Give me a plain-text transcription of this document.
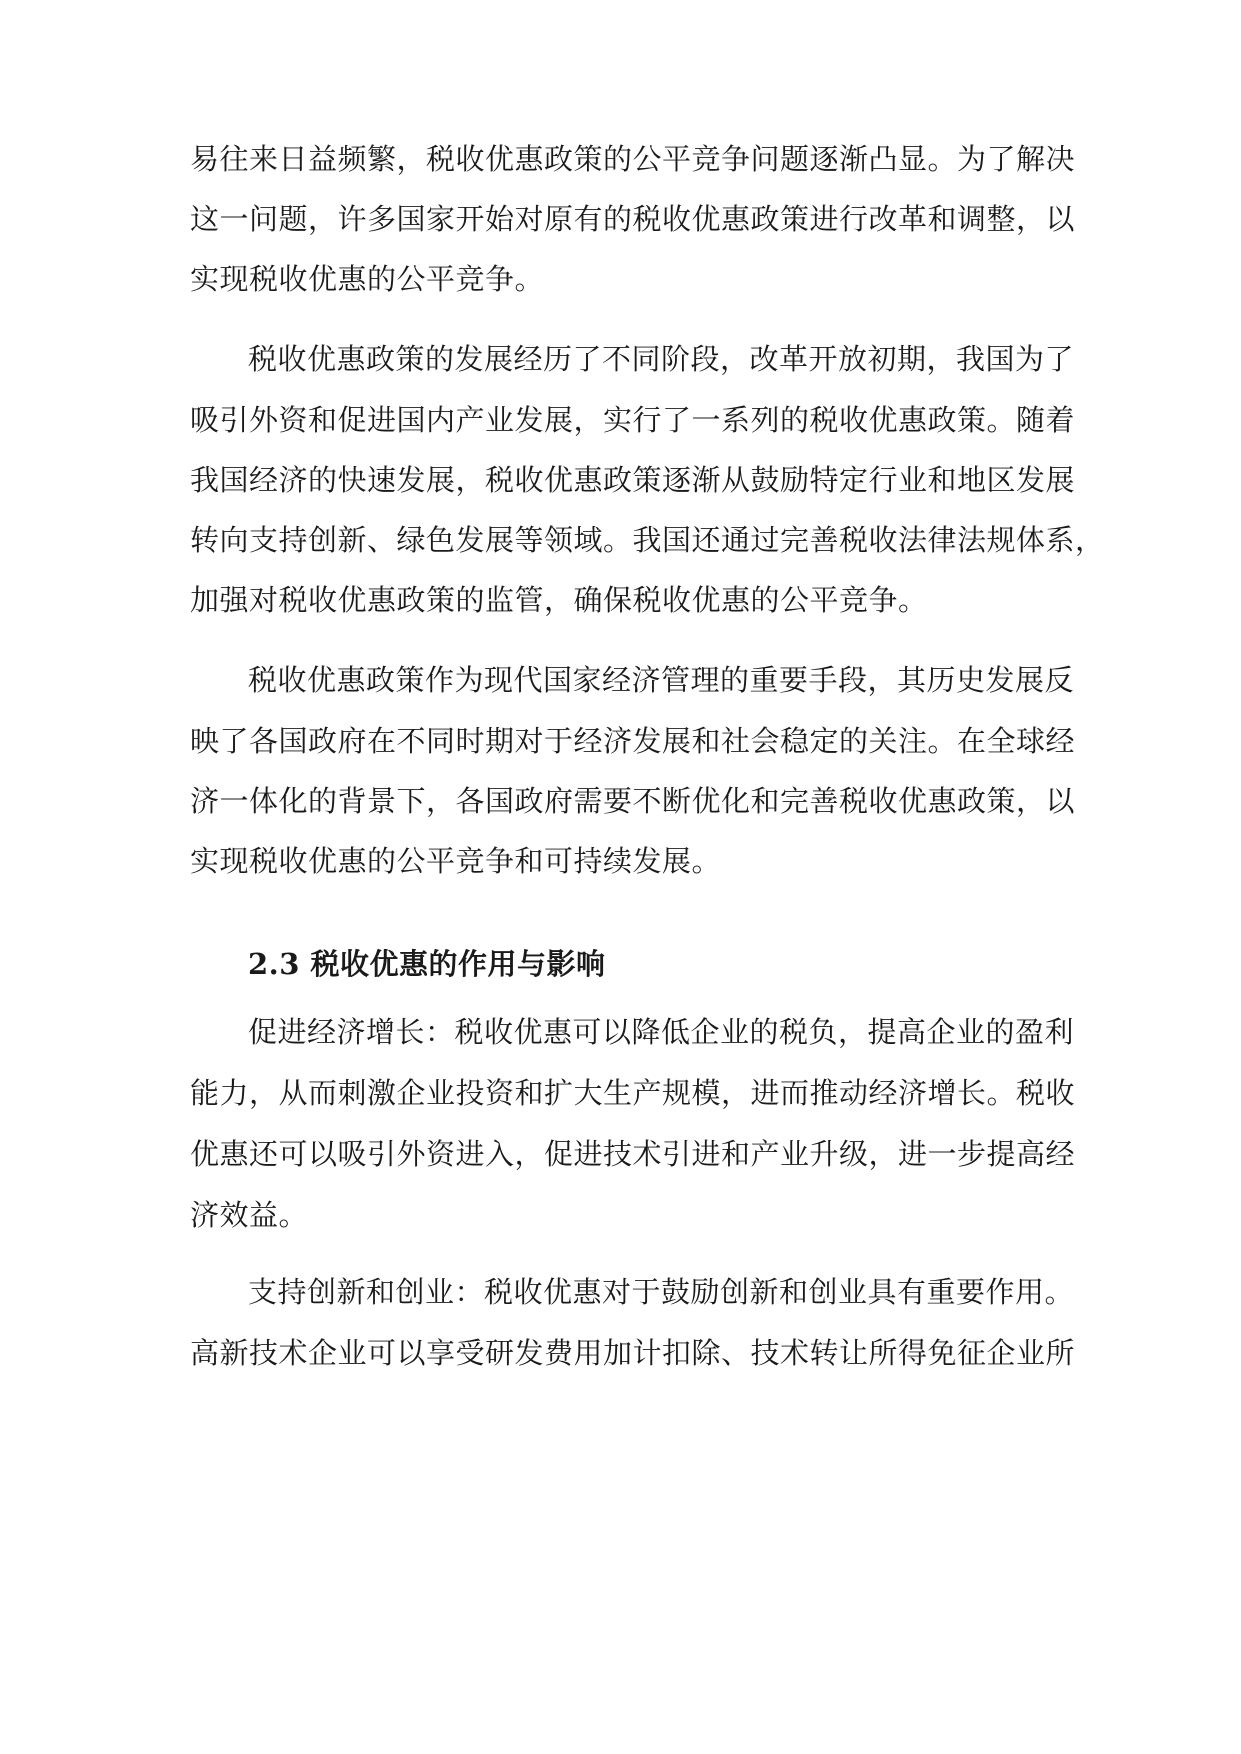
易往来日益频繁，税收优惠政策的公平竞争问题逐渐凸显。为了解决
这一问题，许多国家开始对原有的税收优惠政策进行改革和调整，以
实现税收优惠的公平竞争。
税收优惠政策的发展经历了不同阶段，改革开放初期，我国为了
吸引外资和促进国内产业发展，实行了一系列的税收优惠政策。随着
我国经济的快速发展，税收优惠政策逐渐从鼓励特定行业和地区发展
转向支持创新、绿色发展等领域。我国还通过完善税收法律法规体系，
加强对税收优惠政策的监管，确保税收优惠的公平竞争。
税收优惠政策作为现代国家经济管理的重要手段，其历史发展反
映了各国政府在不同时期对于经济发展和社会稳定的关注。在全球经
济一体化的背景下，各国政府需要不断优化和完善税收优惠政策，以
实现税收优惠的公平竞争和可持续发展。
2.3 税收优惠的作用与影响
促进经济增长：税收优惠可以降低企业的税负，提高企业的盈利
能力，从而刺激企业投资和扩大生产规模，进而推动经济增长。税收
优惠还可以吸引外资进入，促进技术引进和产业升级，进一步提高经
济效益。
支持创新和创业：税收优惠对于鼓励创新和创业具有重要作用。
高新技术企业可以享受研发费用加计扣除、技术转让所得免征企业所
